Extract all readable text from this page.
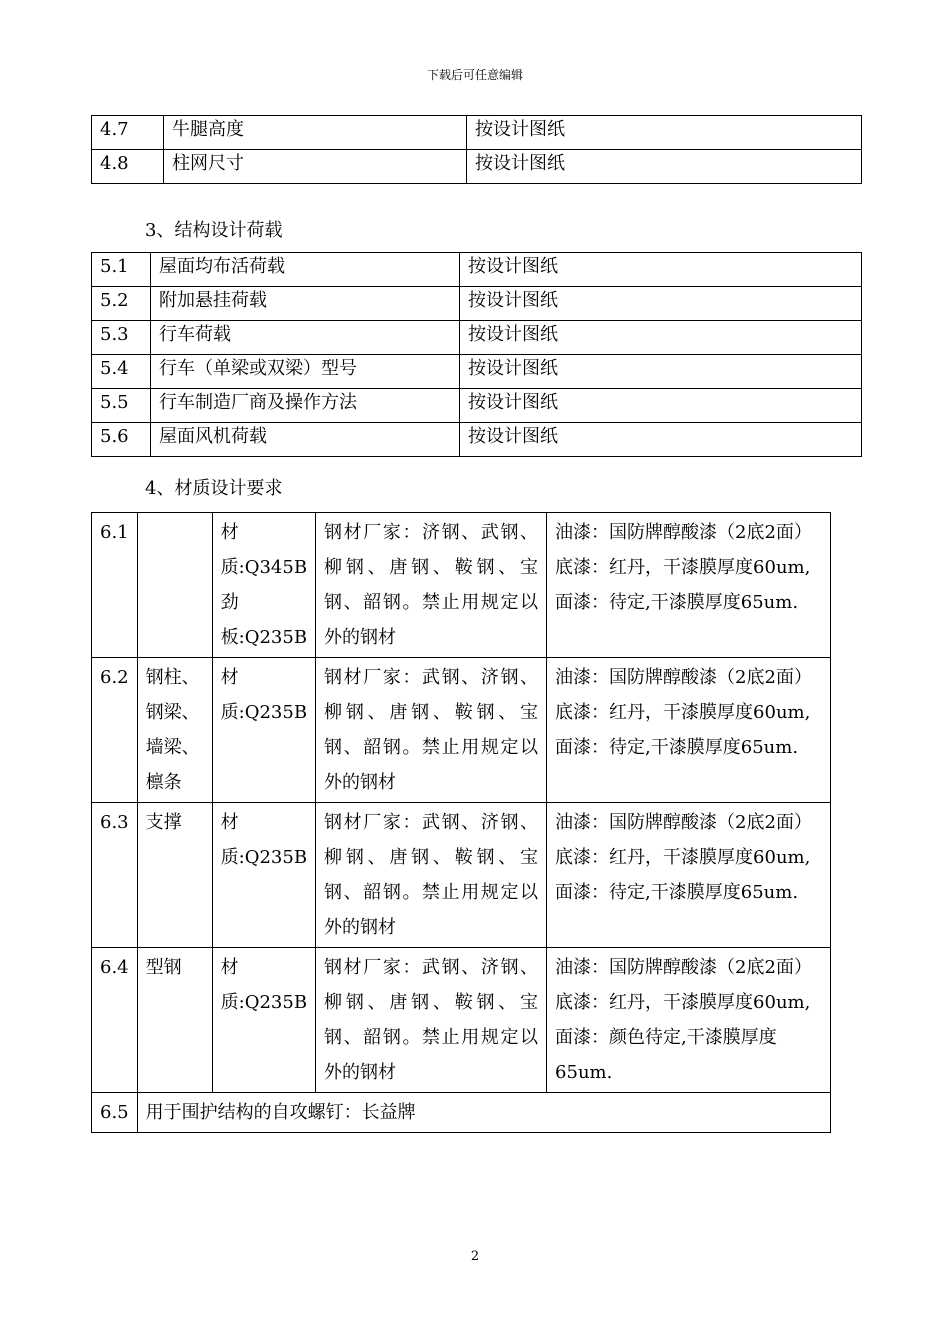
下载后可任意编辑
4.7	牛腿高度	按设计图纸
4.8	柱网尺寸	按设计图纸
3、结构设计荷载
5.1	屋面均布活荷载	按设计图纸
5.2	附加悬挂荷载	按设计图纸
5.3	行车荷载	按设计图纸
5.4	行车（单梁或双梁）型号	按设计图纸
5.5	行车制造厂商及操作方法	按设计图纸
5.6	屋面风机荷载	按设计图纸
4、材质设计要求
6.1		材质:Q345B 劲板:Q235B	钢材厂家：济钢、武钢、柳钢、唐钢、鞍钢、宝钢、韶钢。禁止用规定以外的钢材	油漆：国防牌醇酸漆（2底2面）
底漆：红丹，干漆膜厚度60um,
面漆：待定,干漆膜厚度65um.

6.2	钢柱、钢梁、墙梁、檩条	材质:Q235B	钢材厂家：武钢、济钢、柳钢、唐钢、鞍钢、宝钢、韶钢。禁止用规定以外的钢材	油漆：国防牌醇酸漆（2底2面）
底漆：红丹，干漆膜厚度60um,
面漆：待定,干漆膜厚度65um.

6.3	支撑	材质:Q235B	钢材厂家：武钢、济钢、柳钢、唐钢、鞍钢、宝钢、韶钢。禁止用规定以外的钢材	油漆：国防牌醇酸漆（2底2面）
底漆：红丹，干漆膜厚度60um,
面漆：待定,干漆膜厚度65um.

6.4	型钢	材质:Q235B	钢材厂家：武钢、济钢、柳钢、唐钢、鞍钢、宝钢、韶钢。禁止用规定以外的钢材	油漆：国防牌醇酸漆（2底2面）
底漆：红丹，干漆膜厚度60um,
面漆：颜色待定,干漆膜厚度65um.

6.5	用于围护结构的自攻螺钉：长益牌			
2
